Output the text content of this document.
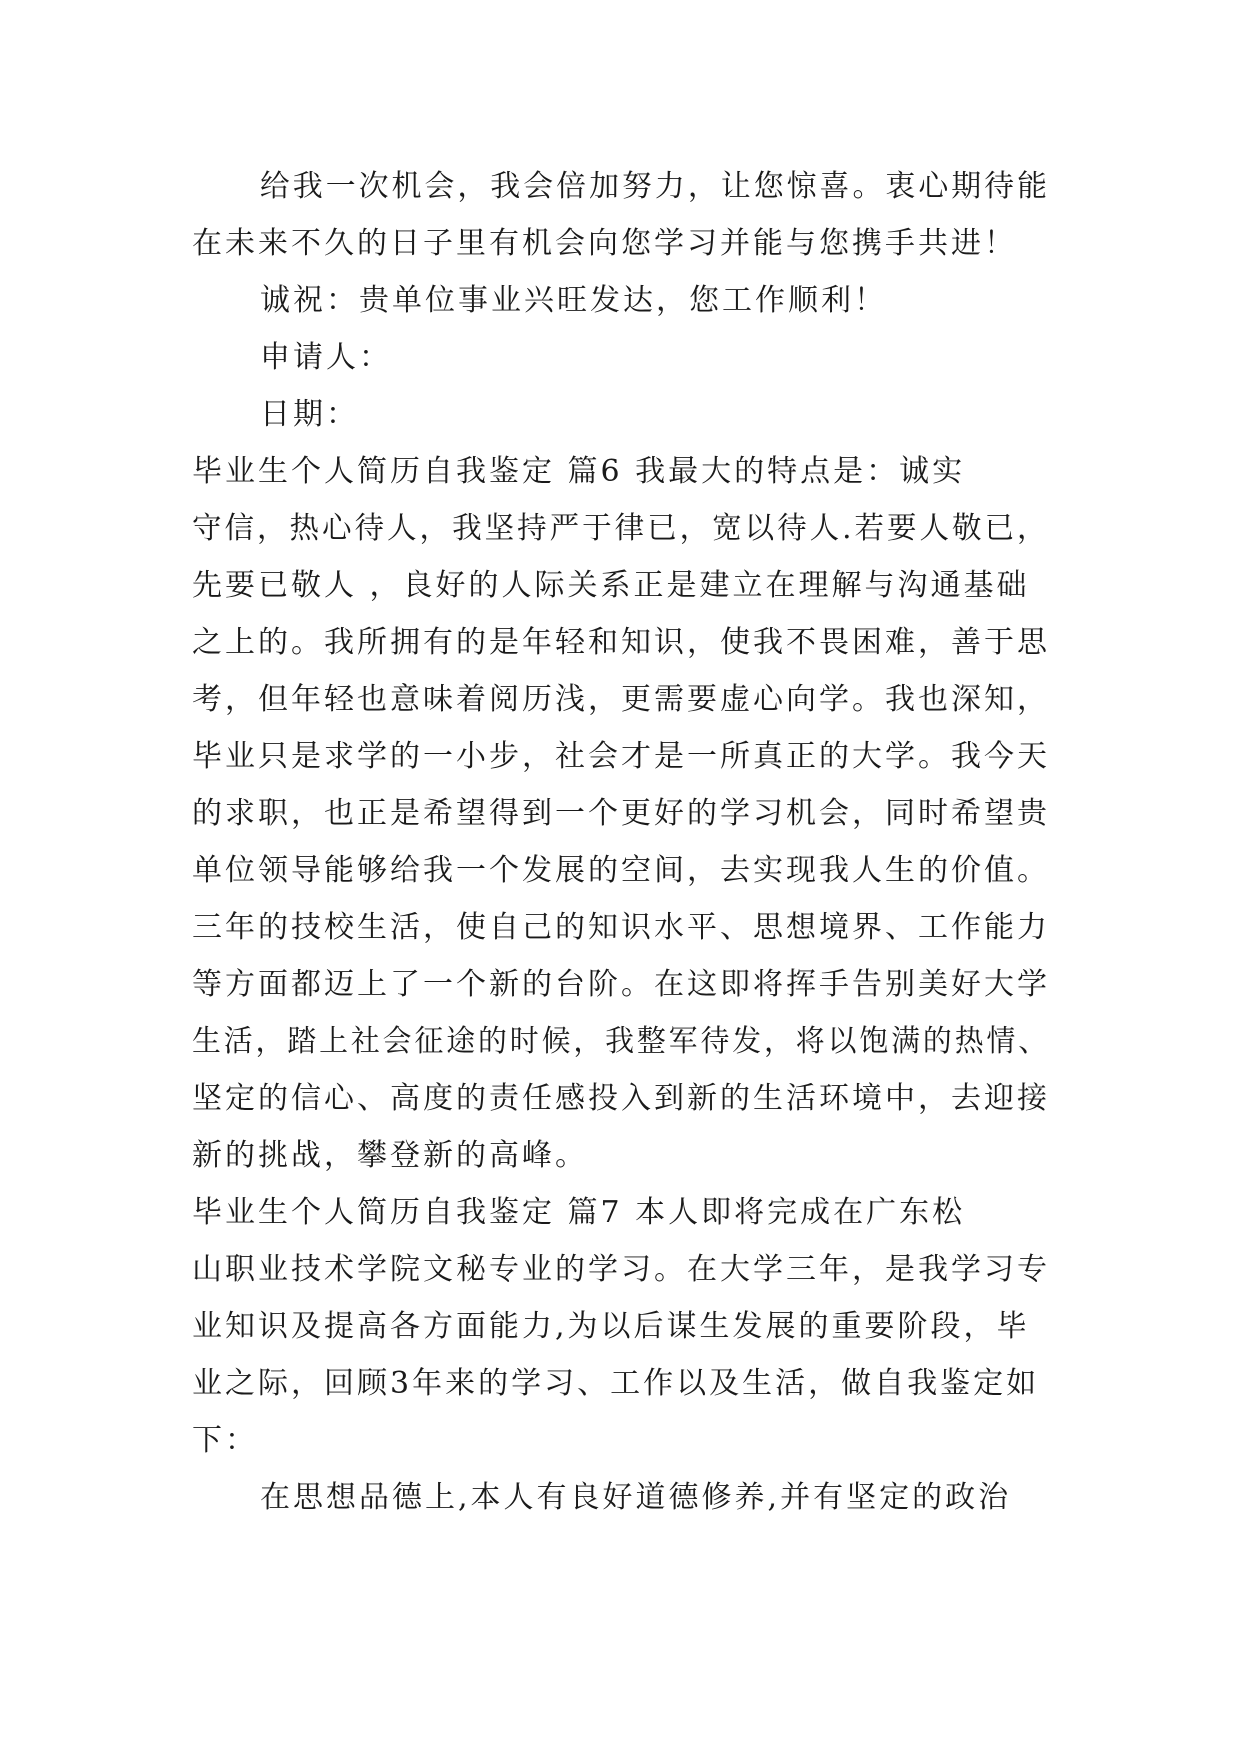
给我一次机会，我会倍加努力，让您惊喜。衷心期待能
在未来不久的日子里有机会向您学习并能与您携手共进！
诚祝：贵单位事业兴旺发达，您工作顺利！
申请人：
日期：
毕业生个人简历自我鉴定 篇6 我最大的特点是：诚实
守信，热心待人，我坚持严于律已，宽以待人.若要人敬已，
先要已敬人 ，良好的人际关系正是建立在理解与沟通基础
之上的。我所拥有的是年轻和知识，使我不畏困难，善于思
考，但年轻也意味着阅历浅，更需要虚心向学。我也深知，
毕业只是求学的一小步，社会才是一所真正的大学。我今天
的求职，也正是希望得到一个更好的学习机会，同时希望贵
单位领导能够给我一个发展的空间，去实现我人生的价值。
三年的技校生活，使自己的知识水平、思想境界、工作能力
等方面都迈上了一个新的台阶。在这即将挥手告别美好大学
生活，踏上社会征途的时候，我整军待发，将以饱满的热情、
坚定的信心、高度的责任感投入到新的生活环境中，去迎接
新的挑战，攀登新的高峰。
毕业生个人简历自我鉴定 篇7 本人即将完成在广东松
山职业技术学院文秘专业的学习。在大学三年，是我学习专
业知识及提高各方面能力,为以后谋生发展的重要阶段，毕
业之际，回顾3年来的学习、工作以及生活，做自我鉴定如
下：
在思想品德上,本人有良好道德修养,并有坚定的政治
